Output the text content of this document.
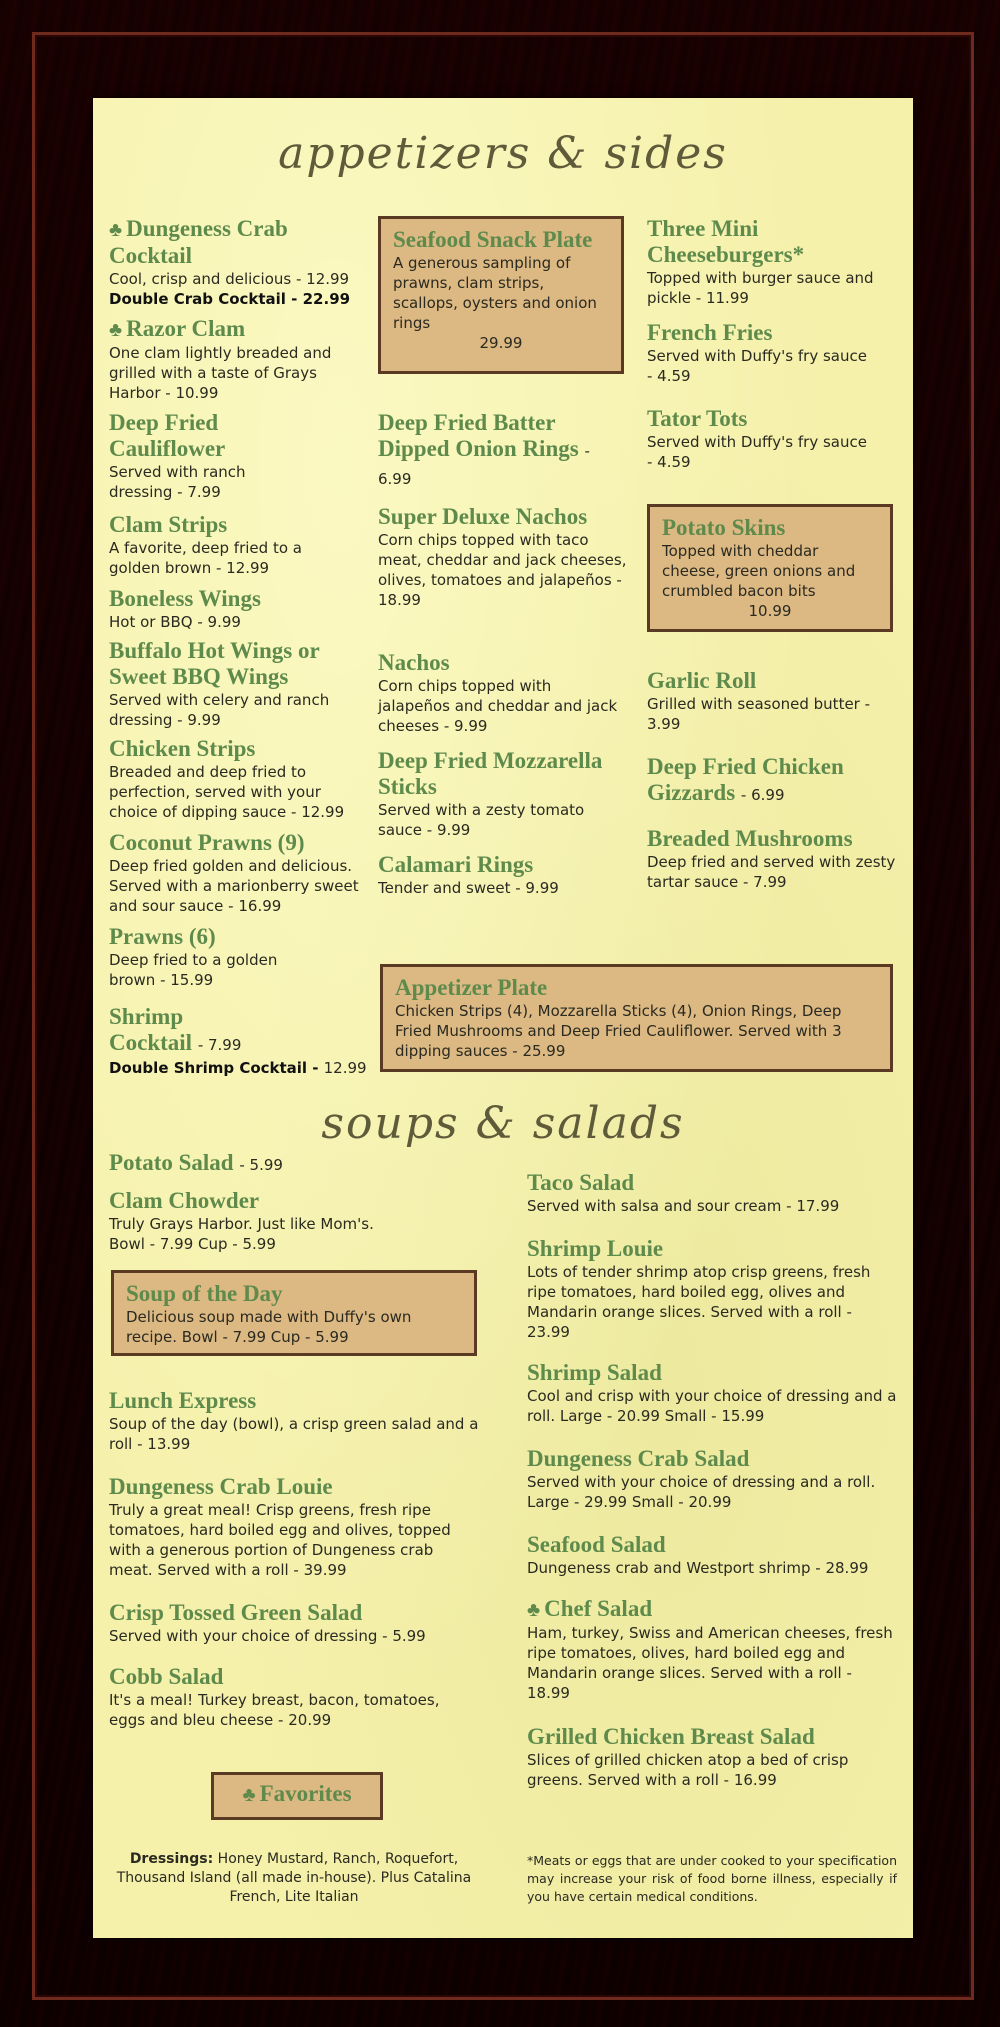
appetizers & sides
♣ Dungeness Crab Cocktail
Cool, crisp and delicious - 12.99
Double Crab Cocktail - 22.99
♣ Razor Clam
One clam lightly breaded and grilled with a taste of Grays Harbor - 10.99
Deep Fried Cauliflower
Served with ranch dressing - 7.99
Clam Strips
A favorite, deep fried to a golden brown - 12.99
Boneless Wings
Hot or BBQ - 9.99
Buffalo Hot Wings or Sweet BBQ Wings
Served with celery and ranch dressing - 9.99
Chicken Strips
Breaded and deep fried to perfection, served with your choice of dipping sauce - 12.99
Coconut Prawns (9)
Deep fried golden and delicious. Served with a marionberry sweet and sour sauce - 16.99
Prawns (6)
Deep fried to a golden brown - 15.99
Shrimp Cocktail - 7.99
Double Shrimp Cocktail - 12.99
Seafood Snack Plate
A generous sampling of prawns, clam strips, scallops, oysters and onion rings
29.99
Deep Fried Batter Dipped Onion Rings - 6.99
Super Deluxe Nachos
Corn chips topped with taco meat, cheddar and jack cheeses, olives, tomatoes and jalapeños - 18.99
Nachos
Corn chips topped with jalapeños and cheddar and jack cheeses - 9.99
Deep Fried Mozzarella Sticks
Served with a zesty tomato sauce - 9.99
Calamari Rings
Tender and sweet - 9.99
Three Mini Cheeseburgers*
Topped with burger sauce and pickle - 11.99
French Fries
Served with Duffy's fry sauce - 4.59
Tator Tots
Served with Duffy's fry sauce - 4.59
Potato Skins
Topped with cheddar cheese, green onions and crumbled bacon bits
10.99
Garlic Roll
Grilled with seasoned butter - 3.99
Deep Fried Chicken Gizzards - 6.99
Breaded Mushrooms
Deep fried and served with zesty tartar sauce - 7.99
Appetizer Plate
Chicken Strips (4), Mozzarella Sticks (4), Onion Rings, Deep Fried Mushrooms and Deep Fried Cauliflower. Served with 3 dipping sauces - 25.99
soups & salads
Potato Salad - 5.99
Clam Chowder
Truly Grays Harbor. Just like Mom's.
Bowl - 7.99 Cup - 5.99
Soup of the Day
Delicious soup made with Duffy's own recipe. Bowl - 7.99 Cup - 5.99
Lunch Express
Soup of the day (bowl), a crisp green salad and a roll - 13.99
Dungeness Crab Louie
Truly a great meal! Crisp greens, fresh ripe tomatoes, hard boiled egg and olives, topped with a generous portion of Dungeness crab meat. Served with a roll - 39.99
Crisp Tossed Green Salad
Served with your choice of dressing - 5.99
Cobb Salad
It's a meal! Turkey breast, bacon, tomatoes, eggs and bleu cheese - 20.99
♣ Favorites
Dressings: Honey Mustard, Ranch, Roquefort, Thousand Island (all made in-house). Plus Catalina French, Lite Italian
Taco Salad
Served with salsa and sour cream - 17.99
Shrimp Louie
Lots of tender shrimp atop crisp greens, fresh ripe tomatoes, hard boiled egg, olives and Mandarin orange slices. Served with a roll - 23.99
Shrimp Salad
Cool and crisp with your choice of dressing and a roll. Large - 20.99 Small - 15.99
Dungeness Crab Salad
Served with your choice of dressing and a roll. Large - 29.99 Small - 20.99
Seafood Salad
Dungeness crab and Westport shrimp - 28.99
♣ Chef Salad
Ham, turkey, Swiss and American cheeses, fresh ripe tomatoes, olives, hard boiled egg and Mandarin orange slices. Served with a roll - 18.99
Grilled Chicken Breast Salad
Slices of grilled chicken atop a bed of crisp greens. Served with a roll - 16.99
*Meats or eggs that are under cooked to your specification may increase your risk of food borne illness, especially if you have certain medical conditions.
